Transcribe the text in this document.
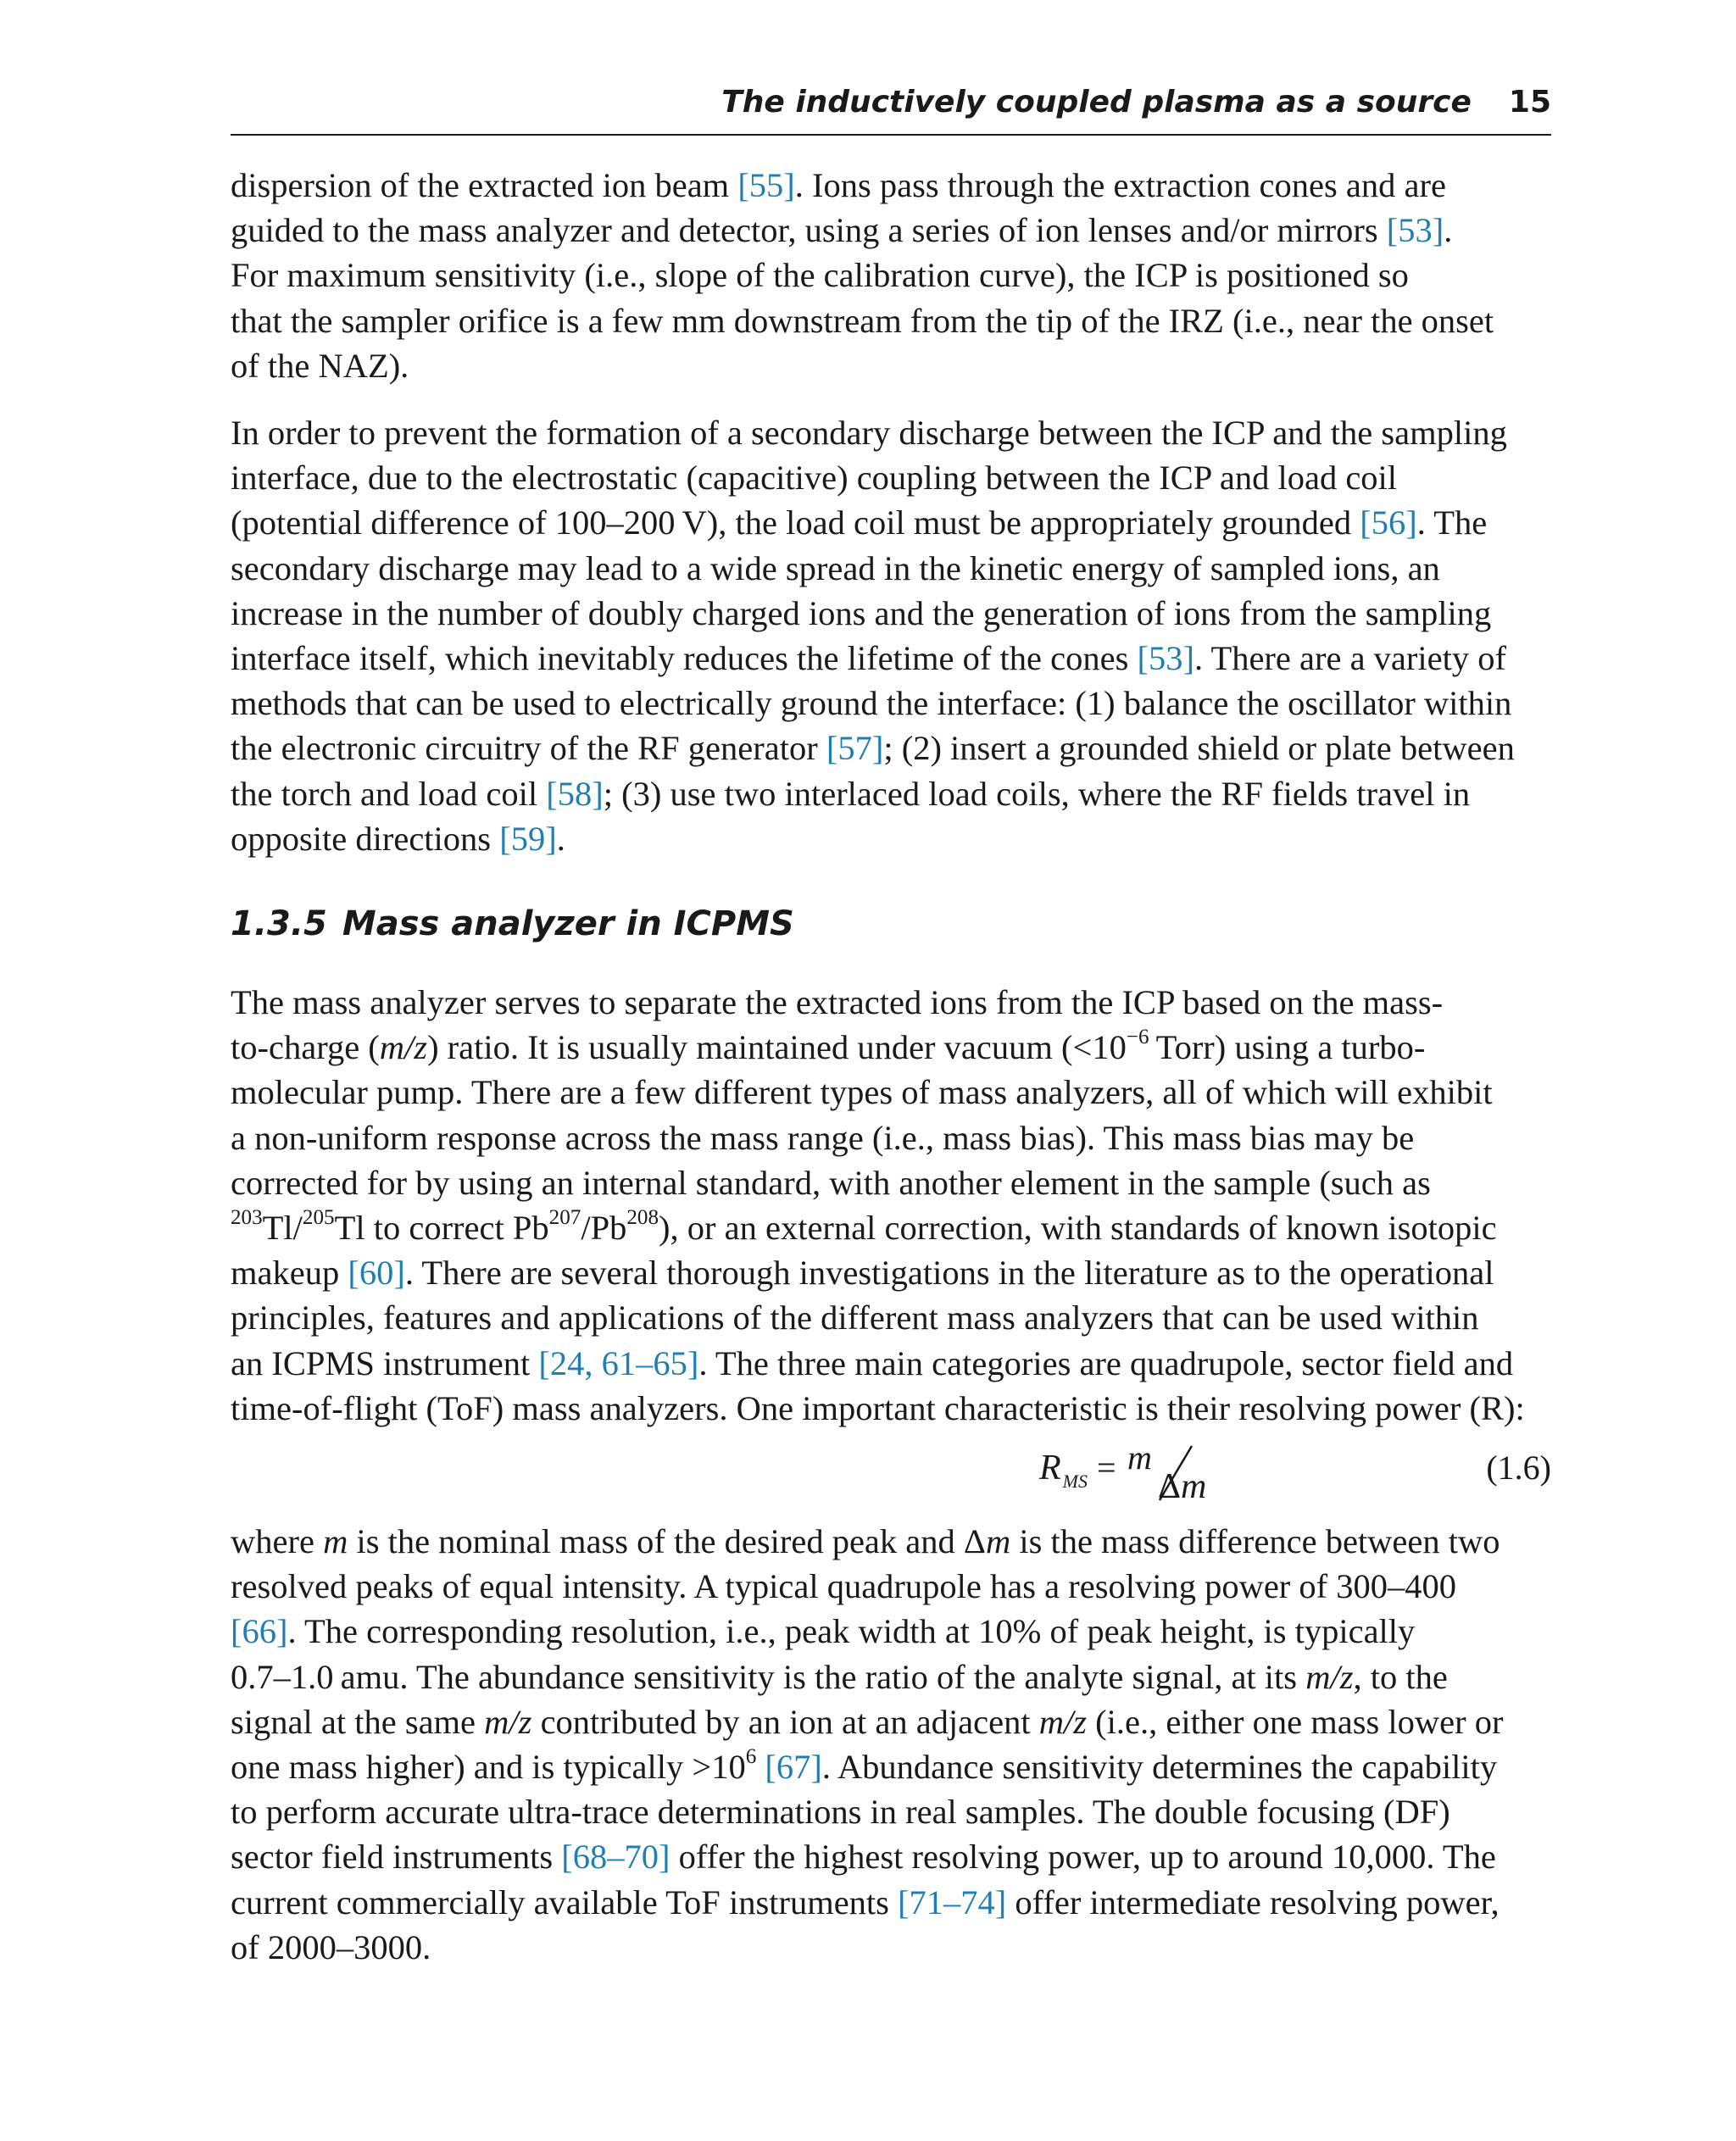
The inductively coupled plasma as a source 15
dispersion of the extracted ion beam [55]. Ions pass through the extraction cones and are
guided to the mass analyzer and detector, using a series of ion lenses and/or mirrors [53].
For maximum sensitivity (i.e., slope of the calibration curve), the ICP is positioned so
that the sampler orifice is a few mm downstream from the tip of the IRZ (i.e., near the onset
of the NAZ).
In order to prevent the formation of a secondary discharge between the ICP and the sampling
interface, due to the electrostatic (capacitive) coupling between the ICP and load coil
(potential difference of 100–200 V), the load coil must be appropriately grounded [56]. The
secondary discharge may lead to a wide spread in the kinetic energy of sampled ions, an
increase in the number of doubly charged ions and the generation of ions from the sampling
interface itself, which inevitably reduces the lifetime of the cones [53]. There are a variety of
methods that can be used to electrically ground the interface: (1) balance the oscillator within
the electronic circuitry of the RF generator [57]; (2) insert a grounded shield or plate between
the torch and load coil [58]; (3) use two interlaced load coils, where the RF fields travel in
opposite directions [59].
1.3.5 Mass analyzer in ICPMS
The mass analyzer serves to separate the extracted ions from the ICP based on the mass-
to-charge (m/z) ratio. It is usually maintained under vacuum ($<10^{-6}$ Torr) using a turbo-
molecular pump. There are a few different types of mass analyzers, all of which will exhibit
a non-uniform response across the mass range (i.e., mass bias). This mass bias may be
corrected for by using an internal standard, with another element in the sample (such as
$^{203}$Tl/$^{205}$Tl to correct Pb$^{207}$/Pb$^{208}$), or an external correction, with standards of known isotopic
makeup [60]. There are several thorough investigations in the literature as to the operational
principles, features and applications of the different mass analyzers that can be used within
an ICPMS instrument [24, 61–65]. The three main categories are quadrupole, sector field and
time-of-flight (ToF) mass analyzers. One important characteristic is their resolving power (R):
$R_{MS} = m$
Δm	(1.6)
where m is the nominal mass of the desired peak and Δm is the mass difference between two
resolved peaks of equal intensity. A typical quadrupole has a resolving power of 300–400
[66]. The corresponding resolution, i.e., peak width at 10% of peak height, is typically
0.7–1.0 amu. The abundance sensitivity is the ratio of the analyte signal, at its m/z, to the
signal at the same m/z contributed by an ion at an adjacent m/z (i.e., either one mass lower or
one mass higher) and is typically $>10^6$ [67]. Abundance sensitivity determines the capability
to perform accurate ultra-trace determinations in real samples. The double focusing (DF)
sector field instruments [68–70] offer the highest resolving power, up to around 10,000. The
current commercially available ToF instruments [71–74] offer intermediate resolving power,
of 2000–3000.
